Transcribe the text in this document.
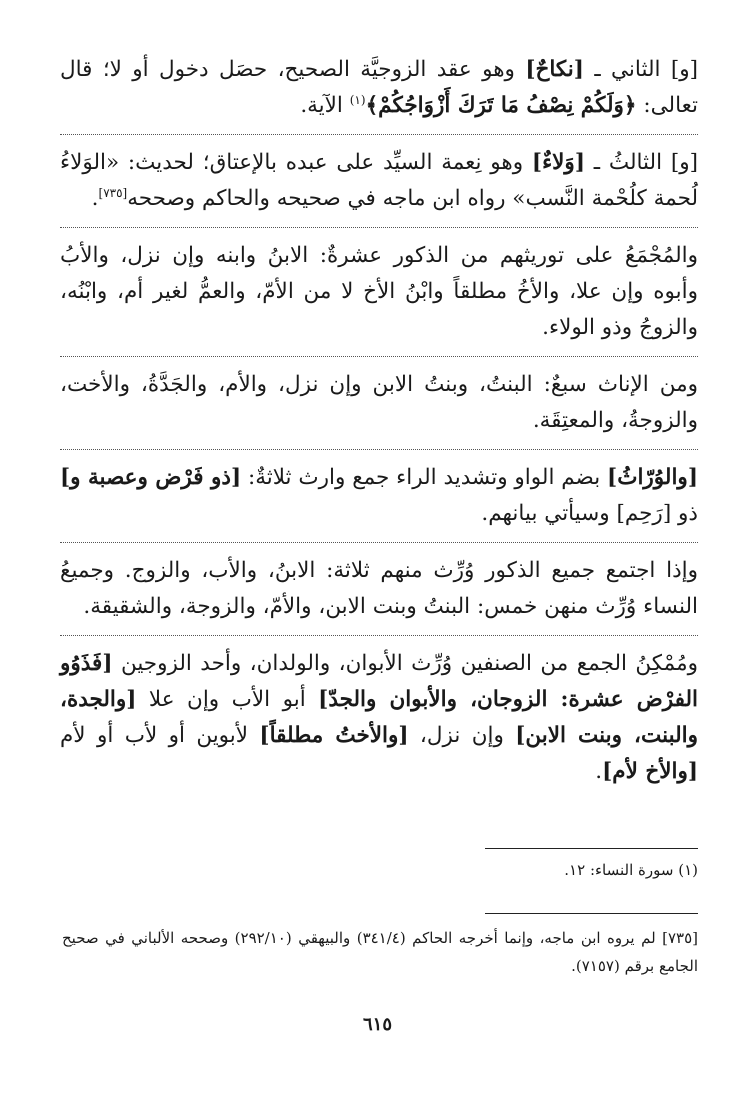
[و] الثاني ـ [نكاحٌ] وهو عقد الزوجيَّة الصحيح، حصَل دخول أو لا؛ قال تعالى: ﴿وَلَكُمْ نِصْفُ مَا تَرَكَ أَزْوَاجُكُمْ﴾$^{(١)}$ الآية.

[و] الثالثُ ـ [وَلاءٌ] وهو نِعمة السيِّد على عبده بالإعتاق؛ لحديث: «الوَلاءُ لُحمة كلُحْمة النَّسب» رواه ابن ماجه في صحيحه والحاكم وصححه[٧٣٥].

والمُجْمَعُ على توريثهم من الذكور عشرةٌ: الابنُ وابنه وإن نزل، والأبُ وأبوه وإن علا، والأخُ مطلقاً وابْنُ الأخ لا من الأمّ، والعمُّ لغير أم، وابْنُه، والزوجُ وذو الولاء.

ومن الإناث سبعٌ: البنتُ، وبنتُ الابن وإن نزل، والأم، والجَدَّةُ، والأخت، والزوجةُ، والمعتِقَة.

[والوُرّاثُ] بضم الواو وتشديد الراء جمع وارث ثلاثةٌ: [ذو فَرْض وعصبة و] ذو [رَحِم] وسيأتي بيانهم.

وإذا اجتمع جميع الذكور وُرِّث منهم ثلاثة: الابنُ، والأب، والزوج. وجميعُ النساء وُرِّث منهن خمس: البنتُ وبنت الابن، والأمّ، والزوجة، والشقيقة.

ومُمْكِنُ الجمع من الصنفين وُرِّث الأبوان، والولدان، وأحد الزوجين [فَذَوُو الفرْض عشرة: الزوجان، والأبوان والجدّ] أبو الأب وإن علا [والجدة، والبنت، وبنت الابن] وإن نزل، [والأختُ مطلقاً] لأبوين أو لأب أو لأم [والأخ لأم].

(١) سورة النساء: ١٢.
[٧٣٥] لم يروه ابن ماجه، وإنما أخرجه الحاكم (٣٤١/٤) والبيهقي (٢٩٢/١٠) وصححه الألباني في صحيح الجامع برقم (٧١٥٧).
٦١٥
